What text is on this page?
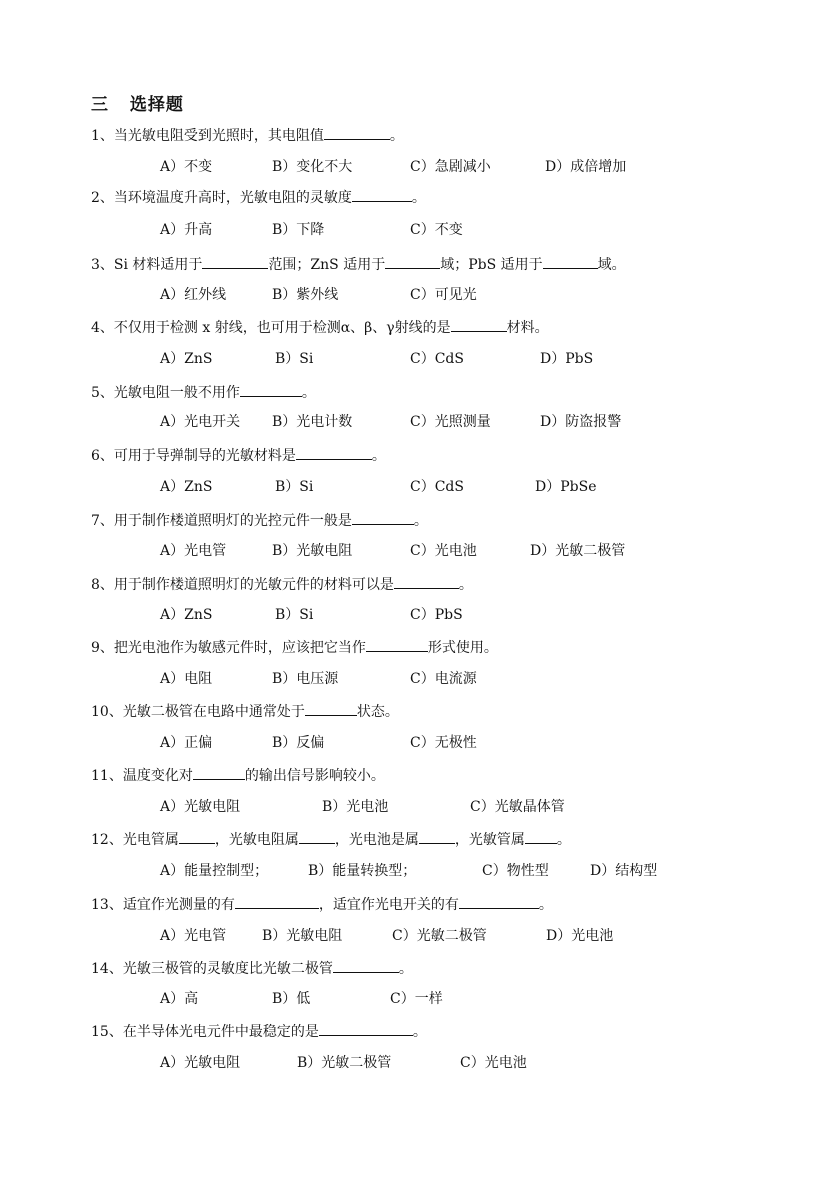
三 选择题
1、当光敏电阻受到光照时，其电阻值	。
A）不变	B）变化不大	C）急剧减小	D）成倍增加
2、当环境温度升高时，光敏电阻的灵敏度	。
A）升高	B）下降	C）不变
3、Si 材料适用于	范围；ZnS 适用于	域；PbS 适用于	域。
A）红外线	B）紫外线	C）可见光
4、不仅用于检测 x 射线，也可用于检测α、β、γ射线的是	材料。
A）ZnS	B）Si	C）CdS	D）PbS
5、光敏电阻一般不用作	。
A）光电开关 B）光电计数	C）光照测量	D）防盗报警
6、可用于导弹制导的光敏材料是	。
A）ZnS	B）Si	C）CdS	D）PbSe
7、用于制作楼道照明灯的光控元件一般是	。
A）光电管	B）光敏电阻	C）光电池	D）光敏二极管
8、用于制作楼道照明灯的光敏元件的材料可以是	。
A）ZnS	B）Si	C）PbS
9、把光电池作为敏感元件时，应该把它当作	形式使用。
A）电阻	B）电压源	C）电流源
10、光敏二极管在电路中通常处于	状态。
A）正偏	B）反偏	C）无极性
11、温度变化对	的输出信号影响较小。
A）光敏电阻	B）光电池	C）光敏晶体管
12、光电管属	，光敏电阻属	，光电池是属	，光敏管属 。
A）能量控制型；	B）能量转换型；	C）物性型	D）结构型
13、适宜作光测量的有	，适宜作光电开关的有	。
A）光电管	B）光敏电阻	C）光敏二极管	D）光电池
14、光敏三极管的灵敏度比光敏二极管	。
A）高	B）低	C）一样
15、在半导体光电元件中最稳定的是	。
A）光敏电阻	B）光敏二极管	C）光电池
